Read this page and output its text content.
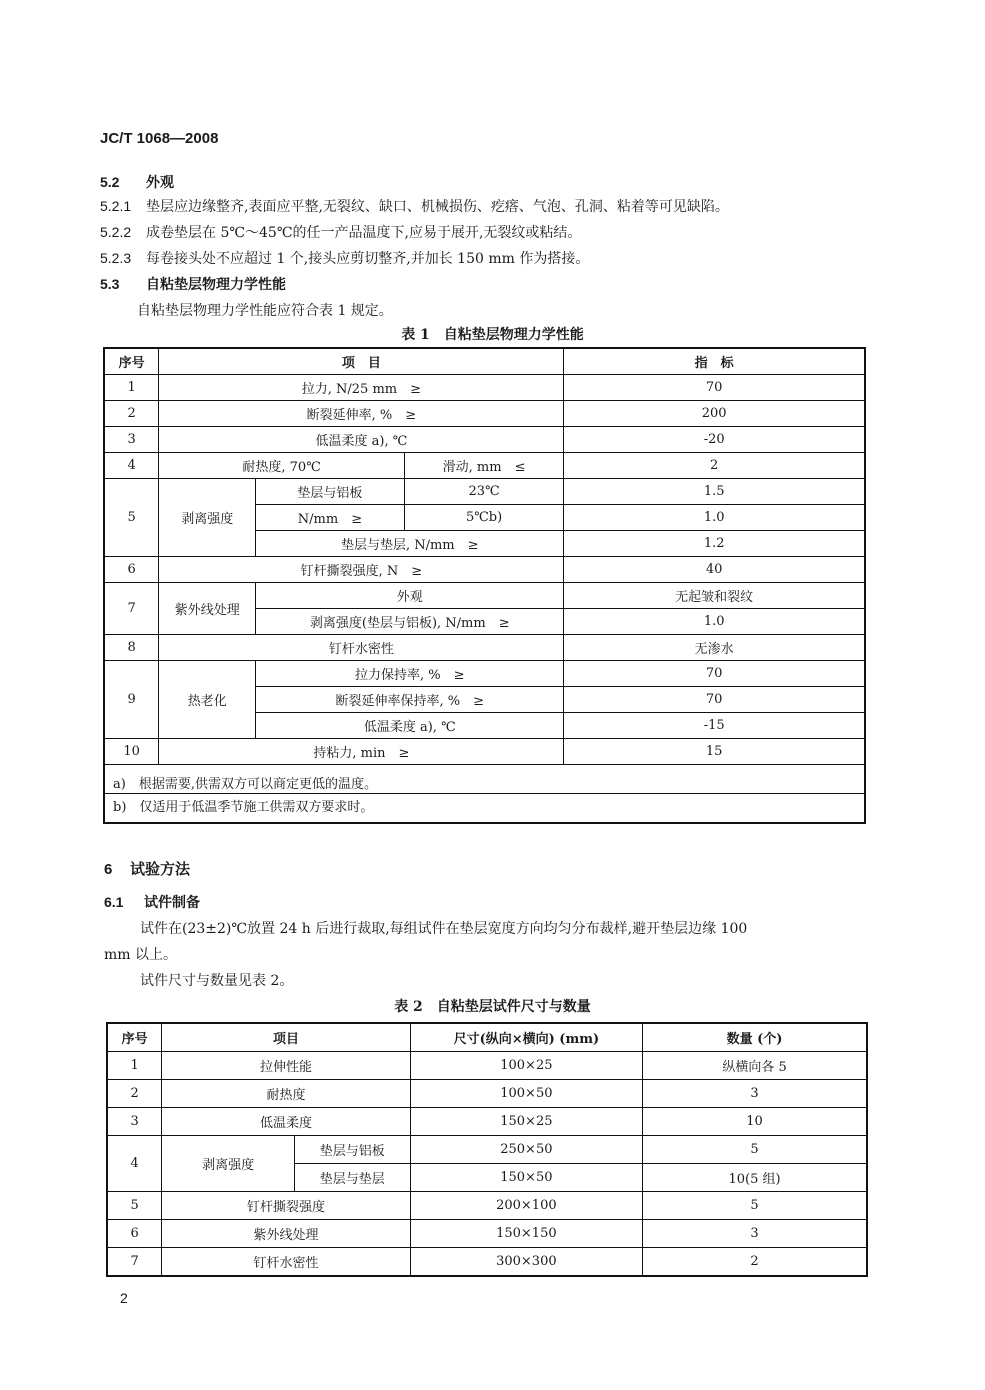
JC/T 1068—2008
5.2 外观
5.2.1 垫层应边缘整齐,表面应平整,无裂纹、缺口、机械损伤、疙瘩、气泡、孔洞、粘着等可见缺陷。
5.2.2 成卷垫层在 5℃～45℃的任一产品温度下,应易于展开,无裂纹或粘结。
5.2.3 每卷接头处不应超过 1 个,接头应剪切整齐,并加长 150 mm 作为搭接。
5.3 自粘垫层物理力学性能
自粘垫层物理力学性能应符合表 1 规定。
表 1　自粘垫层物理力学性能
序号	项　目			指　标
1	拉力, N/25 mm　≥			70
2	断裂延伸率, %　≥			200
3	低温柔度 a), ℃			-20
4	耐热度, 70℃		滑动, mm　≤	2
5	剥离强度	垫层与铝板	23℃	1.5
		N/mm　≥	5℃b)	1.0
		垫层与垫层, N/mm　≥		1.2
6	钉杆撕裂强度, N　≥			40
7	紫外线处理	外观		无起皱和裂纹
		剥离强度(垫层与铝板), N/mm　≥		1.0
8	钉杆水密性			无渗水
9	热老化	拉力保持率, %　≥		70
		断裂延伸率保持率, %　≥		70
		低温柔度 a), ℃		-15
10	持粘力, min　≥			15
a)　根据需要,供需双方可以商定更低的温度。				
b)　仅适用于低温季节施工供需双方要求时。				
6 试验方法
6.1 试件制备
试件在(23±2)℃放置 24 h 后进行裁取,每组试件在垫层宽度方向均匀分布裁样,避开垫层边缘 100
mm 以上。
试件尺寸与数量见表 2。
表 2　自粘垫层试件尺寸与数量
序号	项目		尺寸(纵向×横向) (mm)	数量 (个)
1	拉伸性能		100×25	纵横向各 5
2	耐热度		100×50	3
3	低温柔度		150×25	10
4	剥离强度	垫层与铝板	250×50	5
		垫层与垫层	150×50	10(5 组)
5	钉杆撕裂强度		200×100	5
6	紫外线处理		150×150	3
7	钉杆水密性		300×300	2
2
